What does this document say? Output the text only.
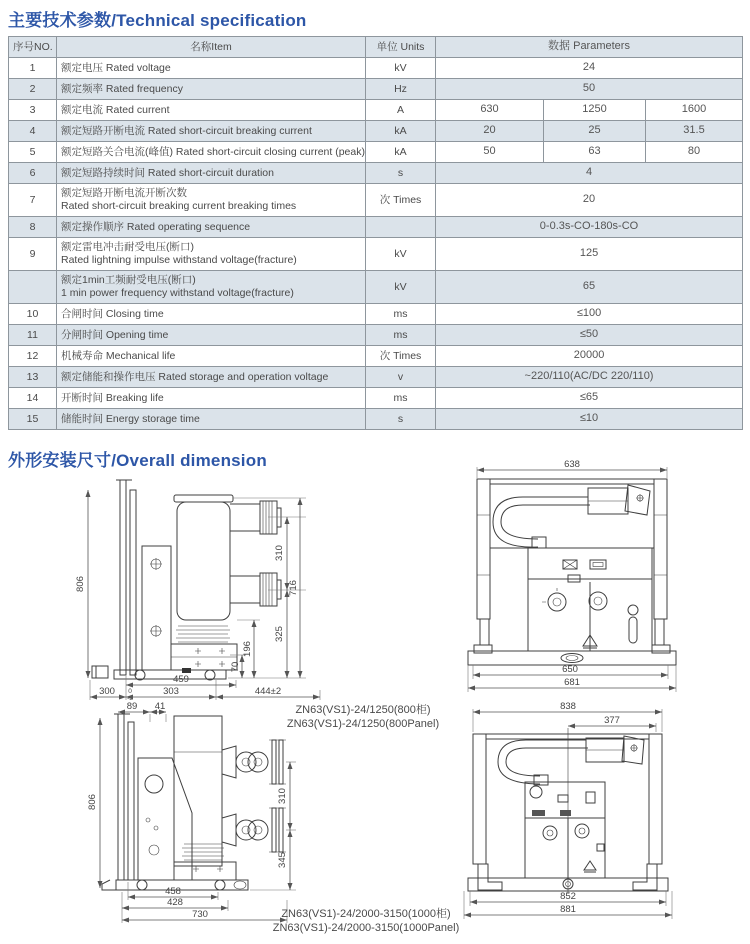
主要技术参数/Technical specification
序号NO.	名称Item	单位 Units	数据 Parameters		
1	额定电压 Rated voltage	kV	24		
2	额定频率 Rated frequency	Hz	50		
3	额定电流 Rated current	A	630	1250	1600
4	额定短路开断电流 Rated short-circuit breaking current	kA	20	25	31.5
5	额定短路关合电流(峰值) Rated short-circuit closing current (peak)	kA	50	63	80
6	额定短路持续时间 Rated short-circuit duration	s	4		
7	额定短路开断电流开断次数
Rated short-circuit breaking current breaking times	次 Times	20		
8	额定操作顺序 Rated operating sequence		0-0.3s-CO-180s-CO		
9	额定雷电冲击耐受电压(断口)
Rated lightning impulse withstand voltage(fracture)	kV	125		
	额定1min工频耐受电压(断口)
1 min power frequency withstand voltage(fracture)	kV	65		
10	合闸时间 Closing time	ms	≤100		
11	分闸时间 Opening time	ms	≤50		
12	机械寿命 Mechanical life	次 Times	20000		
13	额定储能和操作电压 Rated storage and operation voltage	v	~220/110(AC/DC 220/110)		
14	开断时间 Breaking life	ms	≤65		
15	储能时间 Energy storage time	s	≤10		
外形安装尺寸/Overall dimension
806
310
325
716
196
70
459
300 0
-3
303	444±2
638
650
681
89 41
806	310
345
458
428
730
838
377
852
881
ZN63(VS1)-24/1250(800柜)
ZN63(VS1)-24/1250(800Panel)
ZN63(VS1)-24/2000-3150(1000柜)
ZN63(VS1)-24/2000-3150(1000Panel)
